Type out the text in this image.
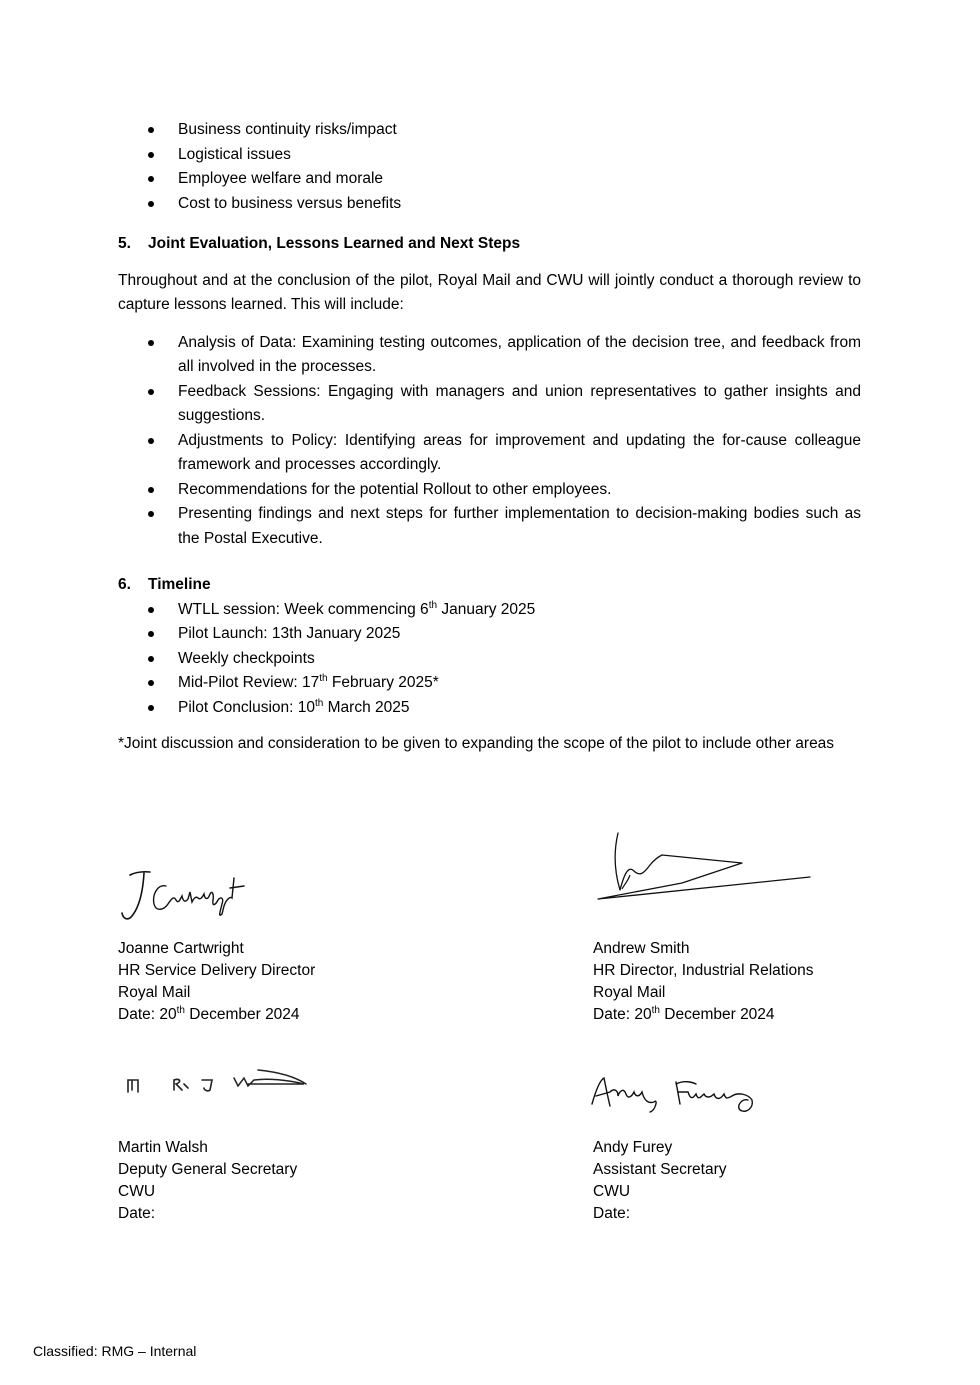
Business continuity risks/impact
Logistical issues
Employee welfare and morale
Cost to business versus benefits
5. Joint Evaluation, Lessons Learned and Next Steps

Throughout and at the conclusion of the pilot, Royal Mail and CWU will jointly conduct a thorough review to capture lessons learned. This will include:

Analysis of Data: Examining testing outcomes, application of the decision tree, and feedback from all involved in the processes.
Feedback Sessions: Engaging with managers and union representatives to gather insights and suggestions.
Adjustments to Policy: Identifying areas for improvement and updating the for-cause colleague framework and processes accordingly.
Recommendations for the potential Rollout to other employees.
Presenting findings and next steps for further implementation to decision-making bodies such as the Postal Executive.
6. Timeline
WTLL session: Week commencing 6th January 2025
Pilot Launch: 13th January 2025
Weekly checkpoints
Mid-Pilot Review: 17th February 2025*
Pilot Conclusion: 10th March 2025

*Joint discussion and consideration to be given to expanding the scope of the pilot to include other areas

Joanne Cartwright
HR Service Delivery Director
Royal Mail
Date: 20th December 2024
Andrew Smith
HR Director, Industrial Relations
Royal Mail
Date: 20th December 2024
Martin Walsh
Deputy General Secretary
CWU
Date:
Andy Furey
Assistant Secretary
CWU
Date:
Classified: RMG – Internal
